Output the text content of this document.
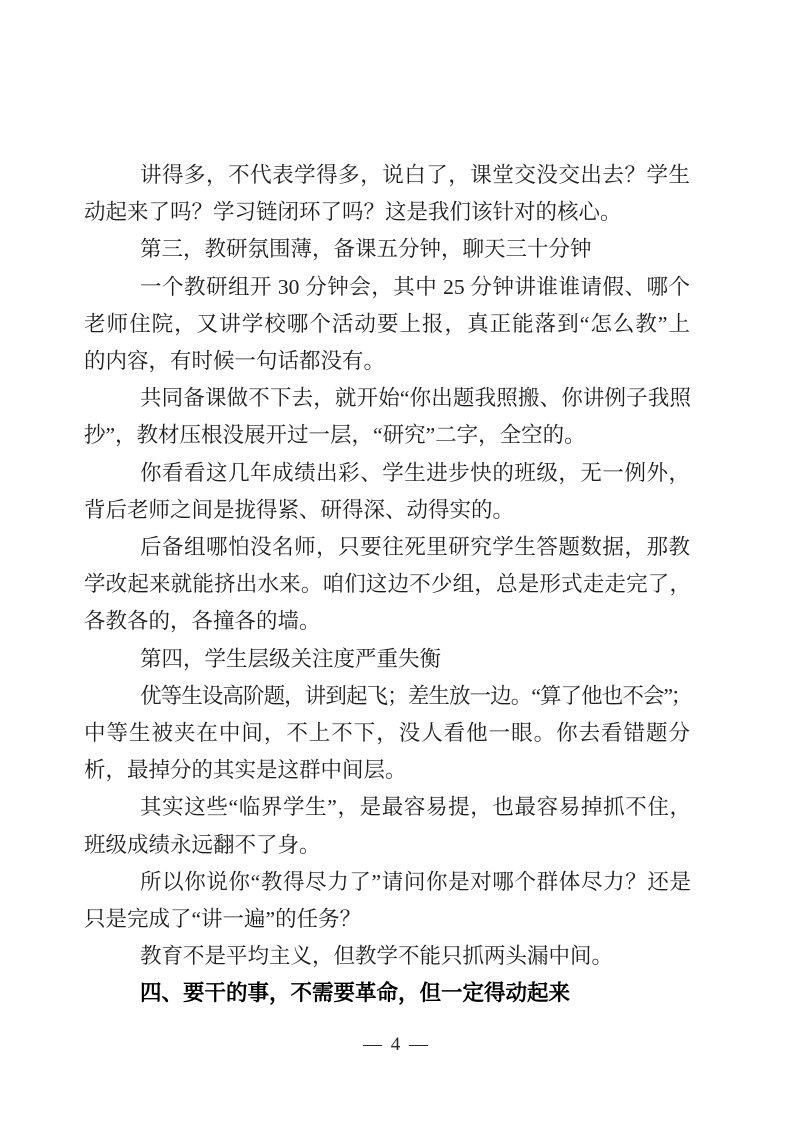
讲得多，不代表学得多，说白了，课堂交没交出去？学生
动起来了吗？学习链闭环了吗？这是我们该针对的核心。
第三，教研氛围薄，备课五分钟，聊天三十分钟
一个教研组开 30 分钟会，其中 25 分钟讲谁谁请假、哪个
老师住院，又讲学校哪个活动要上报，真正能落到“怎么教”上
的内容，有时候一句话都没有。
共同备课做不下去，就开始“你出题我照搬、你讲例子我照
抄”，教材压根没展开过一层，“研究”二字，全空的。
你看看这几年成绩出彩、学生进步快的班级，无一例外，
背后老师之间是拢得紧、研得深、动得实的。
后备组哪怕没名师，只要往死里研究学生答题数据，那教
学改起来就能挤出水来。咱们这边不少组，总是形式走走完了，
各教各的，各撞各的墙。
第四，学生层级关注度严重失衡
优等生设高阶题，讲到起飞；差生放一边。“算了他也不会”；
中等生被夹在中间，不上不下，没人看他一眼。你去看错题分
析，最掉分的其实是这群中间层。
其实这些“临界学生”，是最容易提，也最容易掉抓不住，
班级成绩永远翻不了身。
所以你说你“教得尽力了”请问你是对哪个群体尽力？还是
只是完成了“讲一遍”的任务？
教育不是平均主义，但教学不能只抓两头漏中间。
四、要干的事，不需要革命，但一定得动起来
— 4 —
